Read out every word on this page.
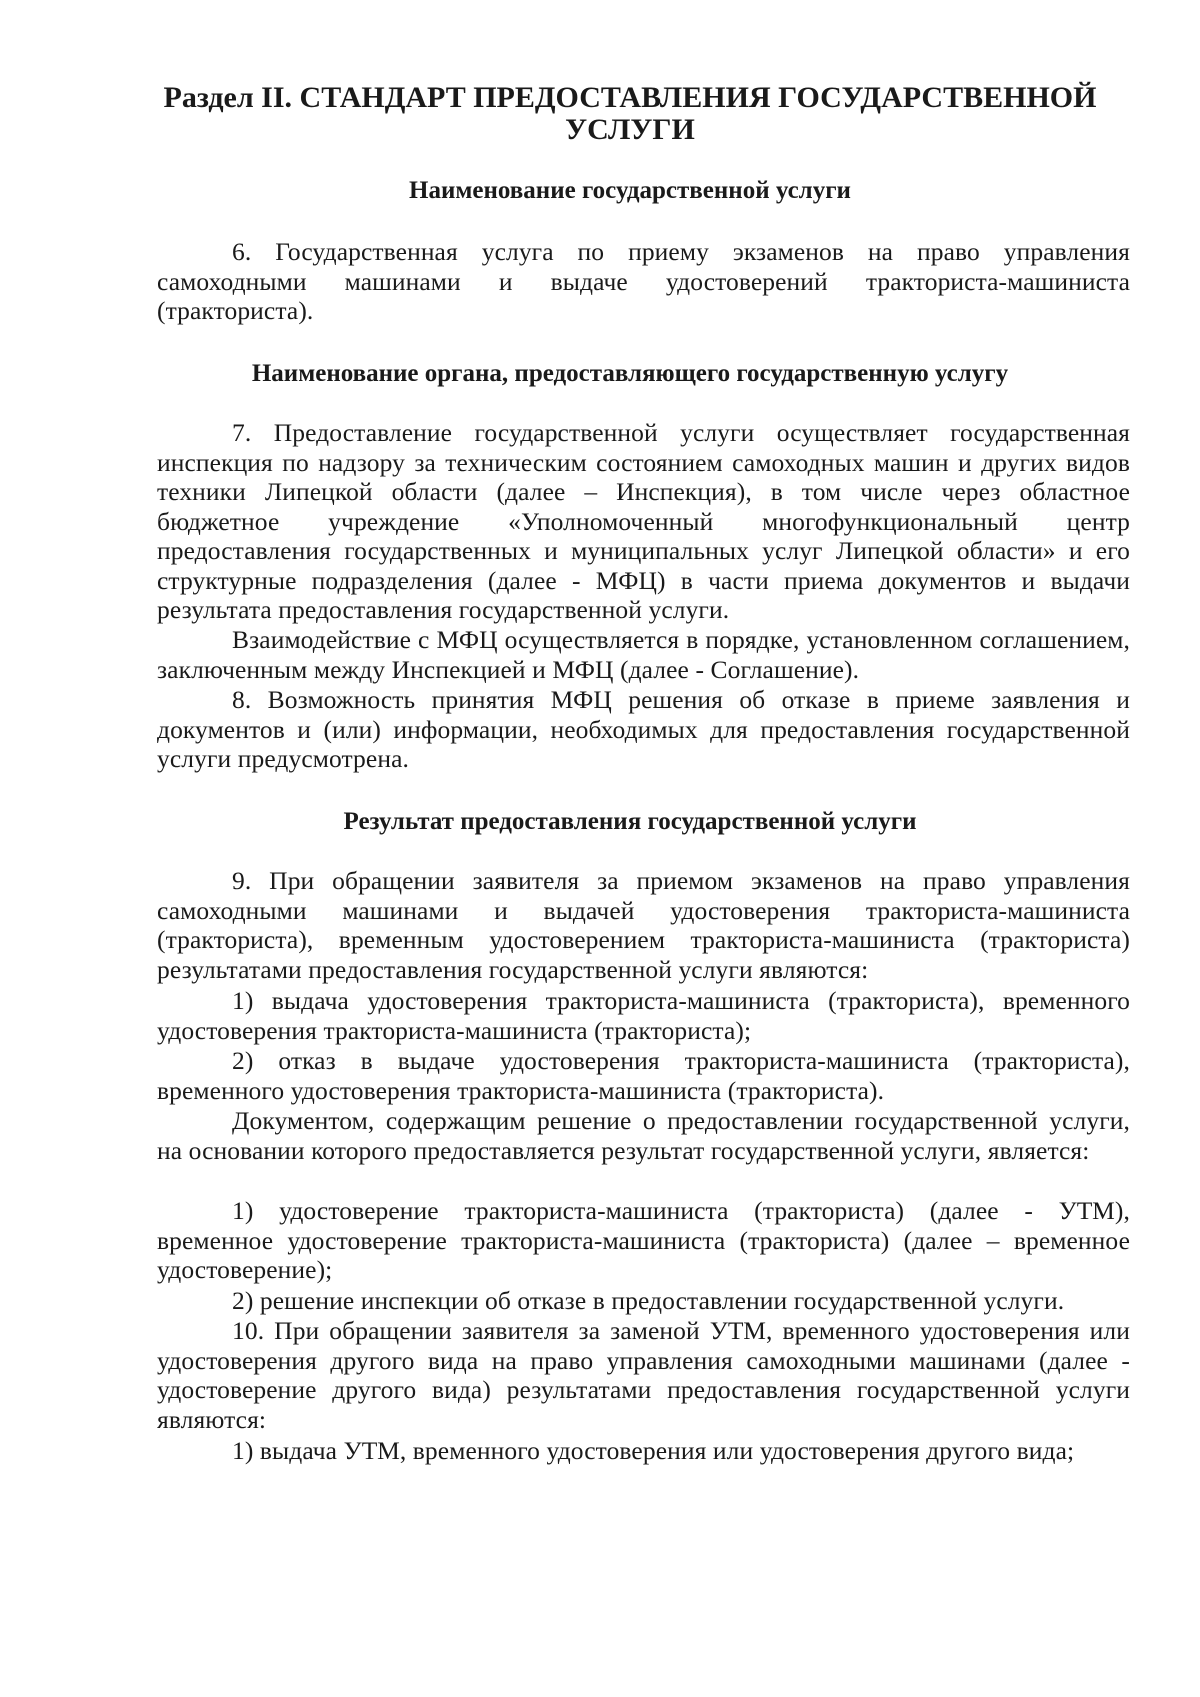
Раздел II. СТАНДАРТ ПРЕДОСТАВЛЕНИЯ ГОСУДАРСТВЕННОЙ УСЛУГИ
Наименование государственной услуги
6. Государственная услуга по приему экзаменов на право управления самоходными машинами и выдаче удостоверений тракториста-машиниста (тракториста).
Наименование органа, предоставляющего государственную услугу
7. Предоставление государственной услуги осуществляет государственная инспекция по надзору за техническим состоянием самоходных машин и других видов техники Липецкой области (далее – Инспекция), в том числе через областное бюджетное учреждение «Уполномоченный многофункциональный центр предоставления государственных и муниципальных услуг Липецкой области» и его структурные подразделения (далее - МФЦ) в части приема документов и выдачи результата предоставления государственной услуги.
Взаимодействие с МФЦ осуществляется в порядке, установленном соглашением, заключенным между Инспекцией и МФЦ (далее - Соглашение).
8. Возможность принятия МФЦ решения об отказе в приеме заявления и документов и (или) информации, необходимых для предоставления государственной услуги предусмотрена.
Результат предоставления государственной услуги
9. При обращении заявителя за приемом экзаменов на право управления самоходными машинами и выдачей удостоверения тракториста-машиниста (тракториста), временным удостоверением тракториста-машиниста (тракториста) результатами предоставления государственной услуги являются:
1) выдача удостоверения тракториста-машиниста (тракториста), временного удостоверения тракториста-машиниста (тракториста);
2) отказ в выдаче удостоверения тракториста-машиниста (тракториста), временного удостоверения тракториста-машиниста (тракториста).
Документом, содержащим решение о предоставлении государственной услуги, на основании которого предоставляется результат государственной услуги, является:
1) удостоверение тракториста-машиниста (тракториста) (далее - УТМ), временное удостоверение тракториста-машиниста (тракториста) (далее – временное удостоверение);
2) решение инспекции об отказе в предоставлении государственной услуги.
10. При обращении заявителя за заменой УТМ, временного удостоверения или удостоверения другого вида на право управления самоходными машинами (далее - удостоверение другого вида) результатами предоставления государственной услуги являются:
1) выдача УТМ, временного удостоверения или удостоверения другого вида;
